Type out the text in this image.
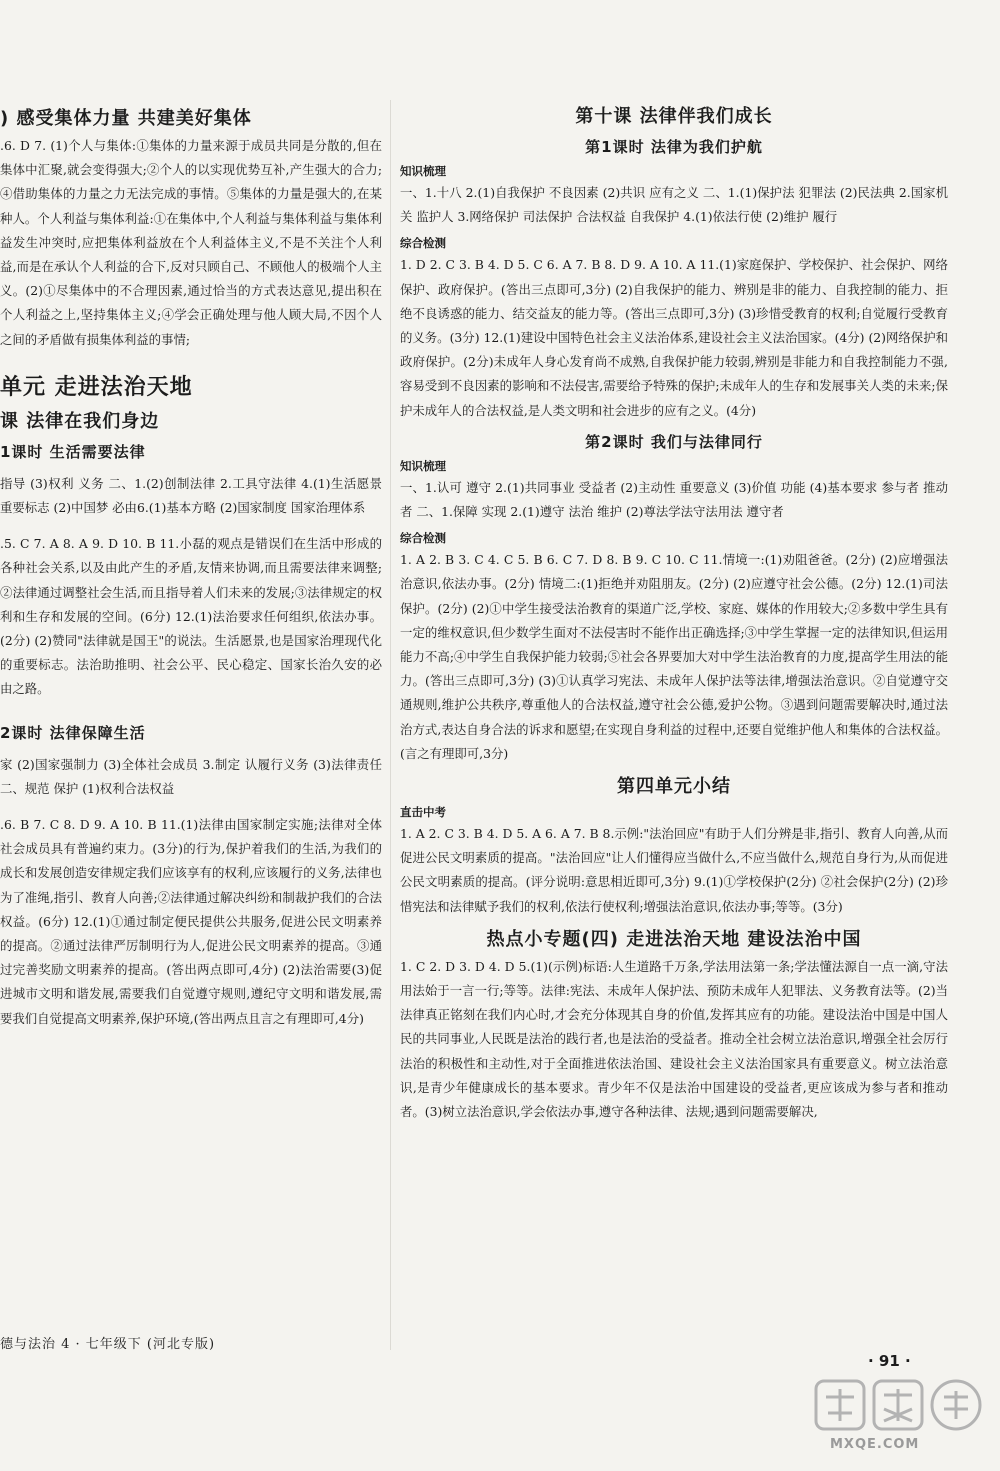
) 感受集体力量 共建美好集体

.6. D 7. (1)个人与集体:①集体的力量来源于成员共同是分散的,但在集体中汇聚,就会变得强大;②个人的以实现优势互补,产生强大的合力;④借助集体的力量之力无法完成的事情。⑤集体的力量是强大的,在某种人。个人利益与集体利益:①在集体中,个人利益与集体利益与集体利益发生冲突时,应把集体利益放在个人利益体主义,不是不关注个人利益,而是在承认个人利益的合下,反对只顾自己、不顾他人的极端个人主义。(2)①尽集体中的不合理因素,通过恰当的方式表达意见,提出积在个人利益之上,坚持集体主义;④学会正确处理与他人顾大局,不因个人之间的矛盾做有损集体利益的事情;

单元 走进法治天地
课 法律在我们身边
1课时 生活需要法律

指导 (3)权利 义务 二、1.(2)创制法律 2.工具守法律 4.(1)生活愿景 重要标志 (2)中国梦 必由6.(1)基本方略 (2)国家制度 国家治理体系

.5. C 7. A 8. A 9. D 10. B 11.小磊的观点是错误们在生活中形成的各种社会关系,以及由此产生的矛盾,友情来协调,而且需要法律来调整;②法律通过调整社会生活,而且指导着人们未来的发展;③法律规定的权利和生存和发展的空间。(6分) 12.(1)法治要求任何组织,依法办事。(2分) (2)赞同"法律就是国王"的说法。生活愿景,也是国家治理现代化的重要标志。法治助推明、社会公平、民心稳定、国家长治久安的必由之路。

2课时 法律保障生活

家 (2)国家强制力 (3)全体社会成员 3.制定 认履行义务 (3)法律责任 二、规范 保护 (1)权利合法权益

.6. B 7. C 8. D 9. A 10. B 11.(1)法律由国家制定实施;法律对全体社会成员具有普遍约束力。(3分)的行为,保护着我们的生活,为我们的成长和发展创造安律规定我们应该享有的权利,应该履行的义务,法律也为了准绳,指引、教育人向善;②法律通过解决纠纷和制裁护我们的合法权益。(6分) 12.(1)①通过制定便民提供公共服务,促进公民文明素养的提高。②通过法律严厉制明行为人,促进公民文明素养的提高。③通过完善奖励文明素养的提高。(答出两点即可,4分) (2)法治需要(3)促进城市文明和谐发展,需要我们自觉遵守规则,遵纪守文明和谐发展,需要我们自觉提高文明素养,保护环境,(答出两点且言之有理即可,4分)

第十课 法律伴我们成长
第1课时 法律为我们护航
知识梳理

一、1.十八 2.(1)自我保护 不良因素 (2)共识 应有之义 二、1.(1)保护法 犯罪法 (2)民法典 2.国家机关 监护人 3.网络保护 司法保护 合法权益 自我保护 4.(1)依法行使 (2)维护 履行

综合检测

1. D 2. C 3. B 4. D 5. C 6. A 7. B 8. D 9. A 10. A 11.(1)家庭保护、学校保护、社会保护、网络保护、政府保护。(答出三点即可,3分) (2)自我保护的能力、辨别是非的能力、自我控制的能力、拒绝不良诱惑的能力、结交益友的能力等。(答出三点即可,3分) (3)珍惜受教育的权利;自觉履行受教育的义务。(3分) 12.(1)建设中国特色社会主义法治体系,建设社会主义法治国家。(4分) (2)网络保护和政府保护。(2分)未成年人身心发育尚不成熟,自我保护能力较弱,辨别是非能力和自我控制能力不强,容易受到不良因素的影响和不法侵害,需要给予特殊的保护;未成年人的生存和发展事关人类的未来;保护未成年人的合法权益,是人类文明和社会进步的应有之义。(4分)

第2课时 我们与法律同行
知识梳理

一、1.认可 遵守 2.(1)共同事业 受益者 (2)主动性 重要意义 (3)价值 功能 (4)基本要求 参与者 推动者 二、1.保障 实现 2.(1)遵守 法治 维护 (2)尊法学法守法用法 遵守者

综合检测

1. A 2. B 3. C 4. C 5. B 6. C 7. D 8. B 9. C 10. C 11.情境一:(1)劝阻爸爸。(2分) (2)应增强法治意识,依法办事。(2分) 情境二:(1)拒绝并劝阻朋友。(2分) (2)应遵守社会公德。(2分) 12.(1)司法保护。(2分) (2)①中学生接受法治教育的渠道广泛,学校、家庭、媒体的作用较大;②多数中学生具有一定的维权意识,但少数学生面对不法侵害时不能作出正确选择;③中学生掌握一定的法律知识,但运用能力不高;④中学生自我保护能力较弱;⑤社会各界要加大对中学生法治教育的力度,提高学生用法的能力。(答出三点即可,3分) (3)①认真学习宪法、未成年人保护法等法律,增强法治意识。②自觉遵守交通规则,维护公共秩序,尊重他人的合法权益,遵守社会公德,爱护公物。③遇到问题需要解决时,通过法治方式,表达自身合法的诉求和愿望;在实现自身利益的过程中,还要自觉维护他人和集体的合法权益。(言之有理即可,3分)

第四单元小结
直击中考

1. A 2. C 3. B 4. D 5. A 6. A 7. B 8.示例:"法治回应"有助于人们分辨是非,指引、教育人向善,从而促进公民文明素质的提高。"法治回应"让人们懂得应当做什么,不应当做什么,规范自身行为,从而促进公民文明素质的提高。(评分说明:意思相近即可,3分) 9.(1)①学校保护(2分) ②社会保护(2分) (2)珍惜宪法和法律赋予我们的权利,依法行使权利;增强法治意识,依法办事;等等。(3分)

热点小专题(四) 走进法治天地 建设法治中国

1. C 2. D 3. D 4. D 5.(1)(示例)标语:人生道路千万条,学法用法第一条;学法懂法源自一点一滴,守法用法始于一言一行;等等。法律:宪法、未成年人保护法、预防未成年人犯罪法、义务教育法等。(2)当法律真正铭刻在我们内心时,才会充分体现其自身的价值,发挥其应有的功能。建设法治中国是中国人民的共同事业,人民既是法治的践行者,也是法治的受益者。推动全社会树立法治意识,增强全社会厉行法治的积极性和主动性,对于全面推进依法治国、建设社会主义法治国家具有重要意义。树立法治意识,是青少年健康成长的基本要求。青少年不仅是法治中国建设的受益者,更应该成为参与者和推动者。(3)树立法治意识,学会依法办事,遵守各种法律、法规;遇到问题需要解决,

德与法治 4 · 七年级下 (河北专版)
· 91 ·
MXQE.COM
